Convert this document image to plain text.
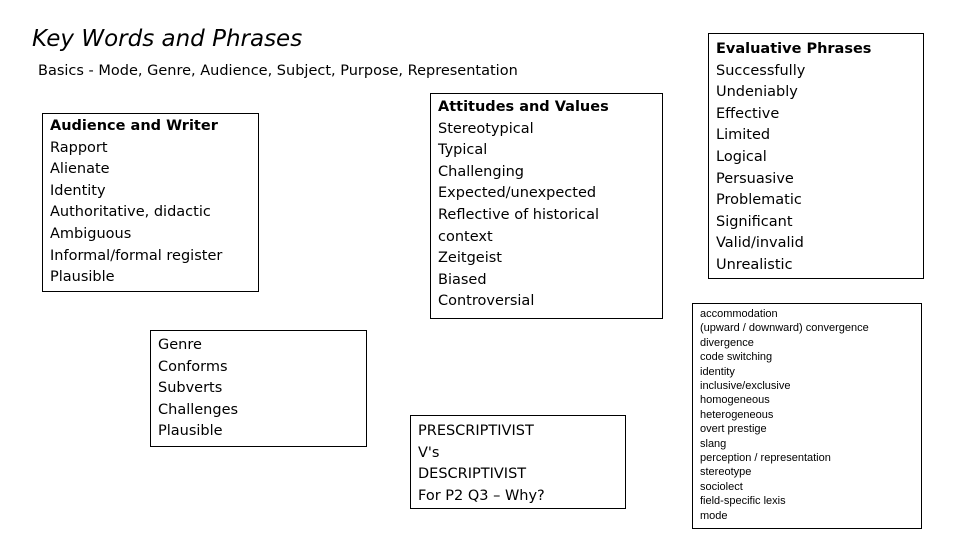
Key Words and Phrases
Basics - Mode, Genre, Audience, Subject, Purpose, Representation
Audience and Writer
Rapport
Alienate
Identity
Authoritative, didactic
Ambiguous
Informal/formal register
Plausible
Attitudes and Values
Stereotypical
Typical
Challenging
Expected/unexpected
Reflective of historical
context
Zeitgeist
Biased
Controversial
Evaluative Phrases
Successfully
Undeniably
Effective
Limited
Logical
Persuasive
Problematic
Significant
Valid/invalid
Unrealistic
Genre
Conforms
Subverts
Challenges
Plausible	PRESCRIPTIVIST
V's
DESCRIPTIVIST
For P2 Q3 – Why?
accommodation
(upward / downward) convergence
divergence
code switching
identity
inclusive/exclusive
homogeneous
heterogeneous
overt prestige
slang
perception / representation
stereotype
sociolect
field-specific lexis
mode
